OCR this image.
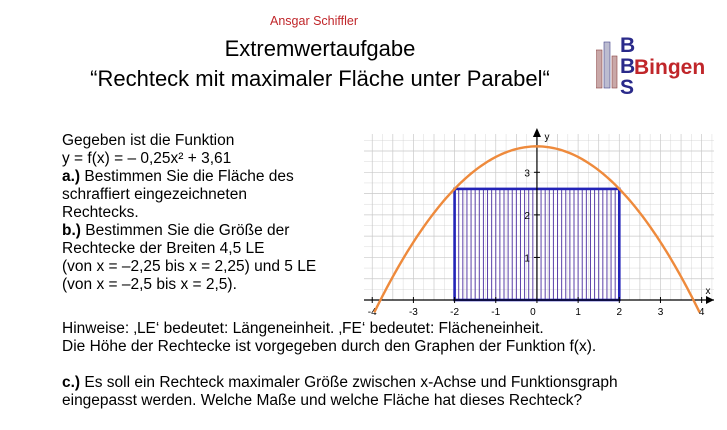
Ansgar Schiffler
Extremwertaufgabe
“Rechteck mit maximaler Fläche unter Parabel“
B
B
S
Bingen
Gegeben ist die Funktion
y = f(x) = – 0,25x² + 3,61
a.) Bestimmen Sie die Fläche des
schraffiert eingezeichneten
Rechtecks.
b.) Bestimmen Sie die Größe der
Rechtecke der Breiten 4,5 LE
(von x = –2,25 bis x = 2,25) und 5 LE
(von x = –2,5 bis x = 2,5).
Hinweise: ‚LE‘ bedeutet: Längeneinheit. ‚FE‘ bedeutet: Flächeneinheit.
Die Höhe der Rechtecke ist vorgegeben durch den Graphen der Funktion f(x).
c.) Es soll ein Rechteck maximaler Größe zwischen x-Achse und Funktionsgraph
eingepasst werden. Welche Maße und welche Fläche hat dieses Rechteck?
-4	-3	-2	-1	0	1	2	3	4
1
2
3
x
y
